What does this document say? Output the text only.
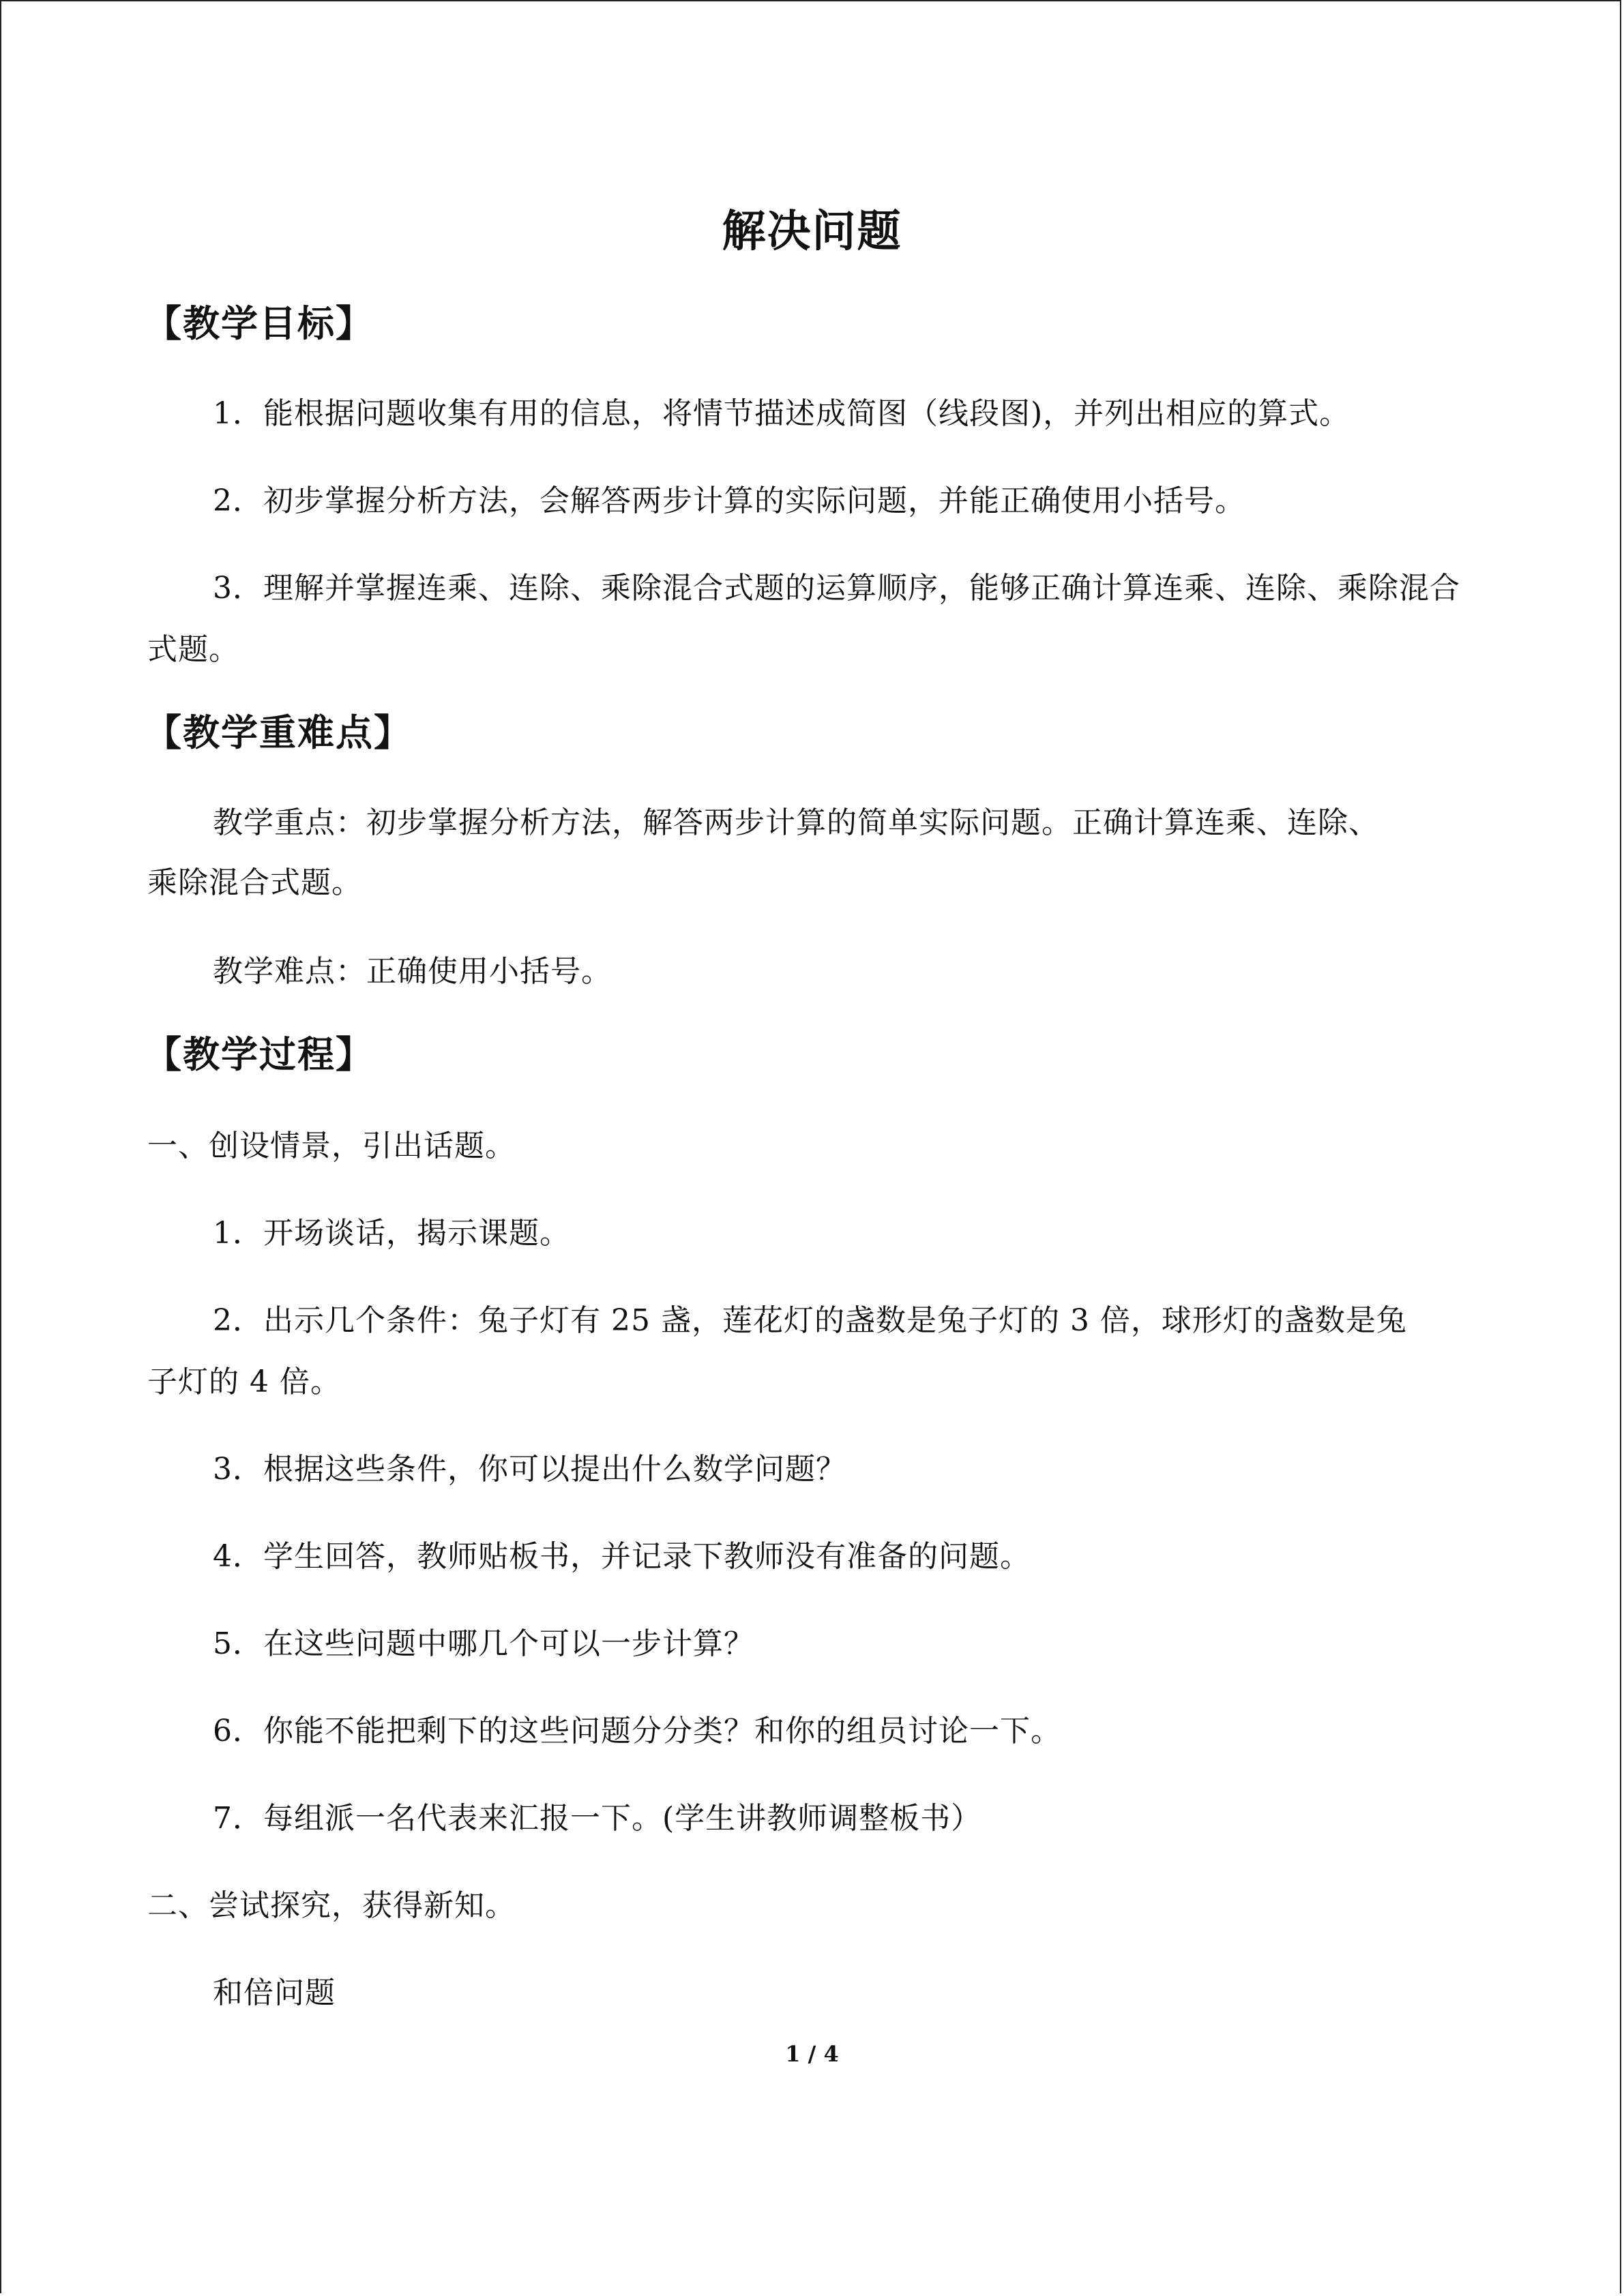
解决问题
【教学目标】
1．能根据问题收集有用的信息，将情节描述成简图（线段图)，并列出相应的算式。
2．初步掌握分析方法，会解答两步计算的实际问题，并能正确使用小括号。
3．理解并掌握连乘、连除、乘除混合式题的运算顺序，能够正确计算连乘、连除、乘除混合
式题。
【教学重难点】
教学重点：初步掌握分析方法，解答两步计算的简单实际问题。正确计算连乘、连除、
乘除混合式题。
教学难点：正确使用小括号。
【教学过程】
一、创设情景，引出话题。
1．开场谈话，揭示课题。
2．出示几个条件：兔子灯有 25 盏，莲花灯的盏数是兔子灯的 3 倍，球形灯的盏数是兔
子灯的 4 倍。
3．根据这些条件，你可以提出什么数学问题？
4．学生回答，教师贴板书，并记录下教师没有准备的问题。
5．在这些问题中哪几个可以一步计算？
6．你能不能把剩下的这些问题分分类？和你的组员讨论一下。
7．每组派一名代表来汇报一下。(学生讲教师调整板书）
二、尝试探究，获得新知。
和倍问题
1 / 4
